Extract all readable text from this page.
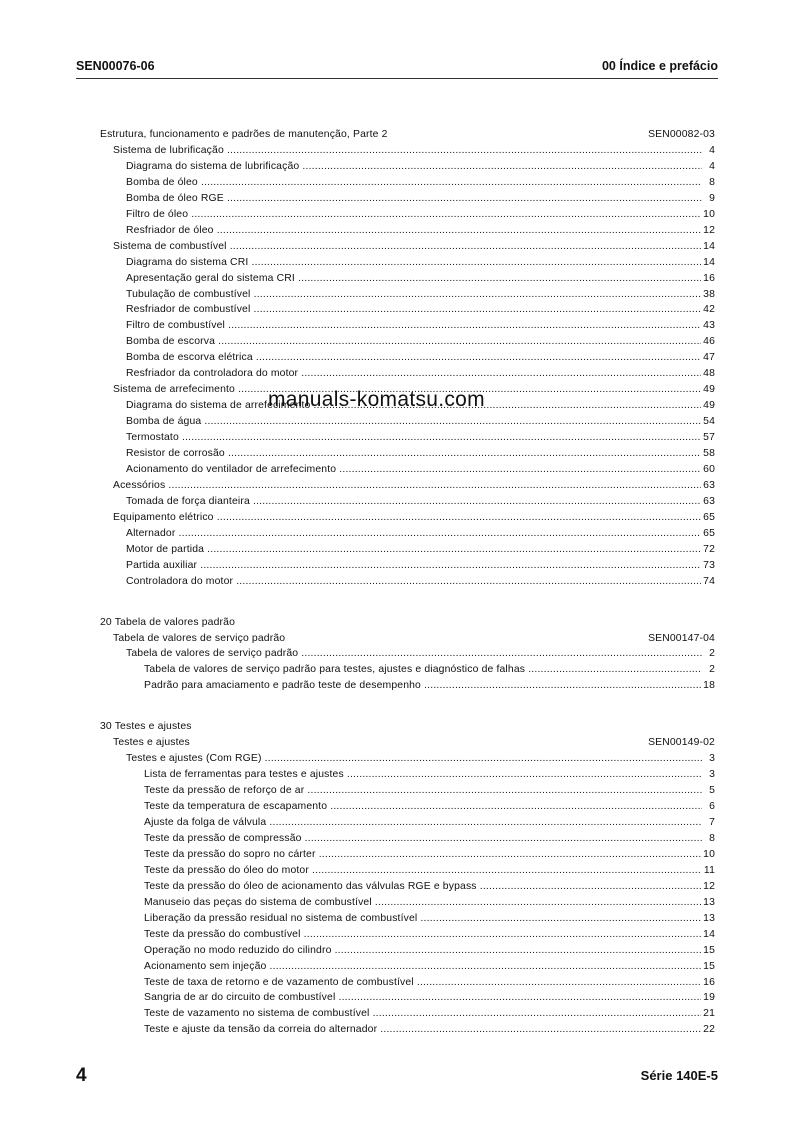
SEN00076-06	00 Índice e prefácio
Estrutura, funcionamento e padrões de manutenção, Parte 2	SEN00082-03
Sistema de lubrificação .....	4
Diagrama do sistema de lubrificação .....	4
Bomba de óleo .....	8
Bomba de óleo RGE .....	9
Filtro de óleo .....	10
Resfriador de óleo .....	12
Sistema de combustível .....	14
Diagrama do sistema CRI .....	14
Apresentação geral do sistema CRI .....	16
Tubulação de combustível .....	38
Resfriador de combustível .....	42
Filtro de combustível .....	43
Bomba de escorva .....	46
Bomba de escorva elétrica .....	47
Resfriador da controladora do motor .....	48
Sistema de arrefecimento .....	49
Diagrama do sistema de arrefecimento .....	49
Bomba de água .....	54
Termostato .....	57
Resistor de corrosão .....	58
Acionamento do ventilador de arrefecimento .....	60
Acessórios .....	63
Tomada de força dianteira .....	63
Equipamento elétrico .....	65
Alternador .....	65
Motor de partida .....	72
Partida auxiliar .....	73
Controladora do motor .....	74
20 Tabela de valores padrão
Tabela de valores de serviço padrão	SEN00147-04
Tabela de valores de serviço padrão .....	2
Tabela de valores de serviço padrão para testes, ajustes e diagnóstico de falhas .....	2
Padrão para amaciamento e padrão teste de desempenho .....	18
30 Testes e ajustes
Testes e ajustes	SEN00149-02
Testes e ajustes (Com RGE) .....	3
Lista de ferramentas para testes e ajustes .....	3
Teste da pressão de reforço de ar .....	5
Teste da temperatura de escapamento .....	6
Ajuste da folga de válvula .....	7
Teste da pressão de compressão .....	8
Teste da pressão do sopro no cárter .....	10
Teste da pressão do óleo do motor .....	11
Teste da pressão do óleo de acionamento das válvulas RGE e bypass .....	12
Manuseio das peças do sistema de combustível .....	13
Liberação da pressão residual no sistema de combustível .....	13
Teste da pressão do combustível .....	14
Operação no modo reduzido do cilindro .....	15
Acionamento sem injeção .....	15
Teste de taxa de retorno e de vazamento de combustível .....	16
Sangria de ar do circuito de combustível .....	19
Teste de vazamento no sistema de combustível .....	21
Teste e ajuste da tensão da correia do alternador .....	22
manuals-komatsu.com
4	Série 140E-5
